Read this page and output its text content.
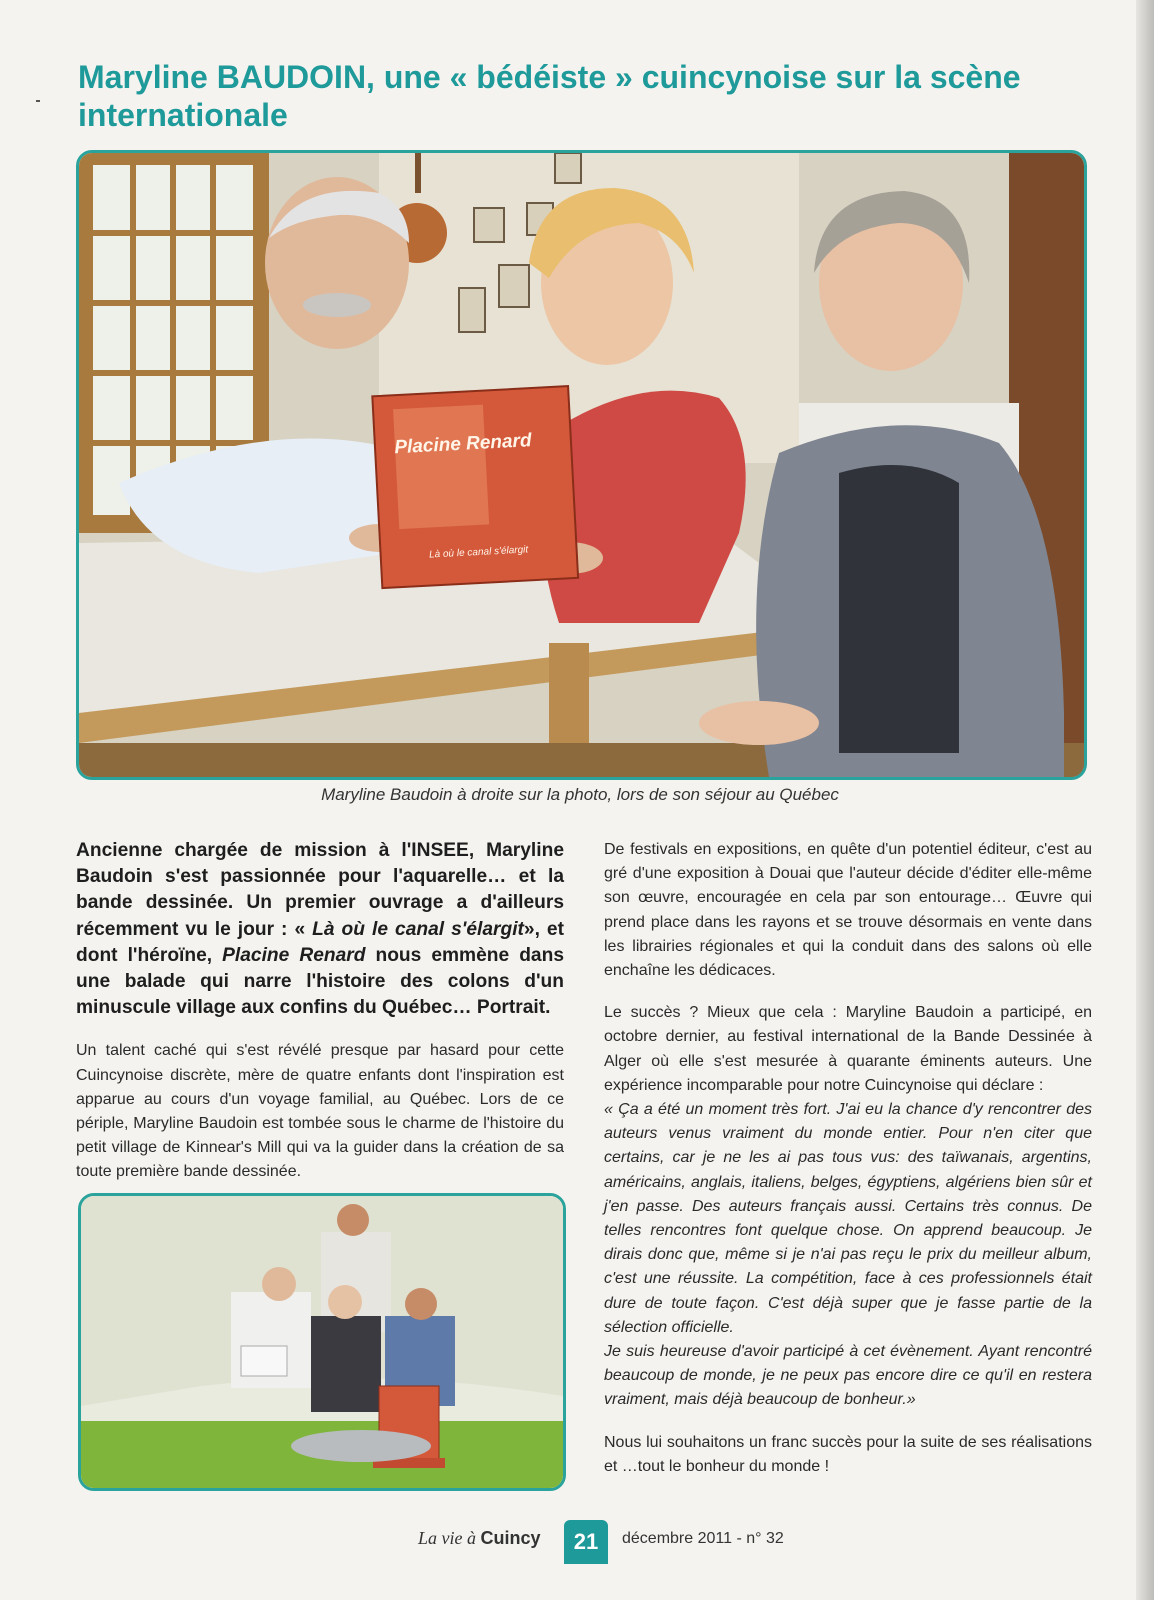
Maryline BAUDOIN, une « bédéiste » cuincynoise sur la scène internationale
Placine Renard
Là où le canal s'élargit

Maryline Baudoin à droite sur la photo, lors de son séjour au Québec

Ancienne chargée de mission à l'INSEE, Maryline Baudoin s'est passionnée pour l'aquarelle… et la bande dessinée. Un premier ouvrage a d'ailleurs récemment vu le jour : « Là où le canal s'élargit», et dont l'héroïne, Placine Renard nous emmène dans une balade qui narre l'histoire des colons d'un minuscule village aux confins du Québec… Portrait.

Un talent caché qui s'est révélé presque par hasard pour cette Cuincynoise discrète, mère de quatre enfants dont l'inspiration est apparue au cours d'un voyage familial, au Québec. Lors de ce périple, Maryline Baudoin est tombée sous le charme de l'histoire du petit village de Kinnear's Mill qui va la guider dans la création de sa toute première bande dessinée.

De festivals en expositions, en quête d'un potentiel éditeur, c'est au gré d'une exposition à Douai que l'auteur décide d'éditer elle-même son œuvre, encouragée en cela par son entourage… Œuvre qui prend place dans les rayons et se trouve désormais en vente dans les librairies régionales et qui la conduit dans des salons où elle enchaîne les dédicaces.

Le succès ? Mieux que cela : Maryline Baudoin a participé, en octobre dernier, au festival international de la Bande Dessinée à Alger où elle s'est mesurée à quarante éminents auteurs. Une expérience incomparable pour notre Cuincynoise qui déclare :
« Ça a été un moment très fort. J'ai eu la chance d'y rencontrer des auteurs venus vraiment du monde entier. Pour n'en citer que certains, car je ne les ai pas tous vus: des taïwanais, argentins, américains, anglais, italiens, belges, égyptiens, algériens bien sûr et j'en passe. Des auteurs français aussi. Certains très connus. De telles rencontres font quelque chose. On apprend beaucoup. Je dirais donc que, même si je n'ai pas reçu le prix du meilleur album, c'est une réussite. La compétition, face à ces professionnels était dure de toute façon. C'est déjà super que je fasse partie de la sélection officielle.
Je suis heureuse d'avoir participé à cet évènement. Ayant rencontré beaucoup de monde, je ne peux pas encore dire ce qu'il en restera vraiment, mais déjà beaucoup de bonheur.»

Nous lui souhaitons un franc succès pour la suite de ses réalisations et …tout le bonheur du monde !

La vie à Cuincy	21	décembre 2011 - n° 32
